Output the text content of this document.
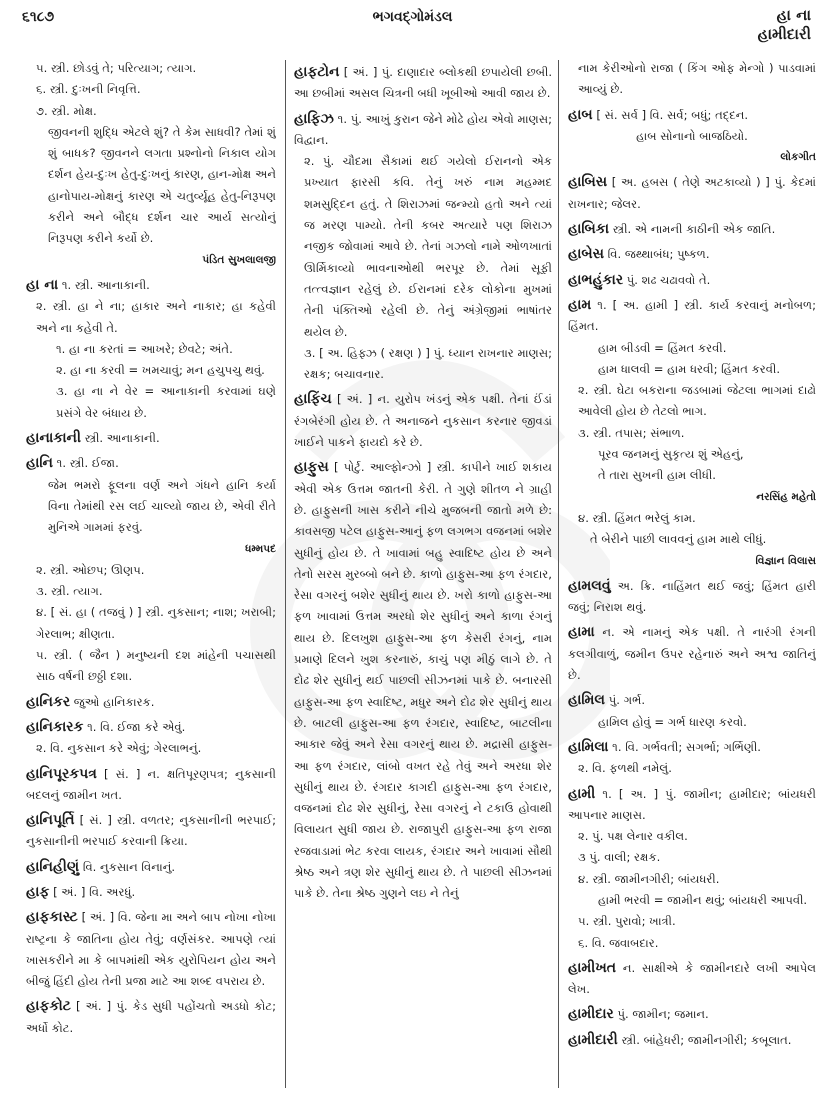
૬૧૮૭	ભગવદ્ગોમંડલ	હા ના
હામીદારી

૫. સ્ત્રી. છોડવું તે; પરિત્યાગ; ત્યાગ.

૬. સ્ત્રી. દુઃખની નિવૃત્તિ.

૭. સ્ત્રી. મોક્ષ.

જીવનની શુદ્ધિ એટલે શું? તે કેમ સાધવી? તેમાં શું શું બાધક? જીવનને લગતા પ્રશ્નોનો નિકાલ યોગ દર્શન હેય-દુઃખ હેતુ-દુઃખનું કારણ, હાન-મોક્ષ અને હાનોપાય-મોક્ષનું કારણ એ ચતુર્વ્યૂહ હેતુ-નિરૂપણ કરીને અને બૌદ્ધ દર્શન ચાર આર્ય સત્યોનું નિરૂપણ કરીને કર્યો છે.

પંડિત સુખલાલજી

હા ના ૧. સ્ત્રી. આનાકાની.

૨. સ્ત્રી. હા ને ના; હાકાર અને નાકાર; હા કહેવી અને ના કહેવી તે.

૧. હા ના કરતાં = આખરે; છેવટે; અંતે.

૨. હા ના કરવી = ખમચાવું; મન હચુપચુ થવું.

૩. હા ના ને વેર = આનાકાની કરવામાં ઘણે પ્રસંગે વેર બંધાય છે.

હાનાકાની સ્ત્રી. આનાકાની.

હાનિ ૧. સ્ત્રી. ઈજા.

જેમ ભમરો ફૂલના વર્ણ અને ગંધને હાનિ કર્યા વિના તેમાંથી રસ લઈ ચાલ્યો જાય છે, એવી રીતે મુનિએ ગામમાં ફરવું.

ધમ્મપદ

૨. સ્ત્રી. ઓછપ; ઊણપ.

૩. સ્ત્રી. ત્યાગ.

૪. [ સં. હા ( તજવું ) ] સ્ત્રી. નુકસાન; નાશ; ખરાબી; ગેરલાભ; ક્ષીણતા.

૫. સ્ત્રી. ( જૈન ) મનુષ્યની દશ માંહેની પચાસથી સાઠ વર્ષની છઠ્ઠી દશા.

હાનિકર જુઓ હાનિકારક.

હાનિકારક ૧. વિ. ઈજા કરે એવું.

૨. વિ. નુકસાન કરે એવું; ગેરલાભનું.

હાનિપૂરકપત્ર [ સં. ] ન. ક્ષતિપૂરણપત્ર; નુકસાની બદલનું જામીન ખત.

હાનિપૂર્તિ [ સં. ] સ્ત્રી. વળતર; નુકસાનીની ભરપાઈ; નુકસાનીની ભરપાઈ કરવાની ક્રિયા.

હાનિહીણું વિ. નુકસાન વિનાનું.

હાફ [ અં. ] વિ. અરધું.

હાફકાસ્ટ [ અં. ] વિ. જેના મા અને બાપ નોખા નોખા રાષ્ટ્રના કે જાતિના હોય તેવું; વર્ણસંકર. આપણે ત્યાં ખાસકરીને મા કે બાપમાંથી એક યુરોપિયન હોય અને બીજું હિંદી હોય તેની પ્રજા માટે આ શબ્દ વપરાય છે.

હાફકોટ [ અં. ] પું. કેડ સુધી પહોંચતો અડધો કોટ; અર્ધો કોટ.

હાફટોન [ અં. ] પું. દાણાદાર બ્લોકથી છપાયેલી છબી. આ છબીમાં અસલ ચિત્રની બધી ખૂબીઓ આવી જાય છે.

હાફિઝ ૧. પું. આખું કુરાન જેને મોઢે હોય એવો માણસ; વિદ્વાન.

૨. પું. ચૌદમા સૈકામાં થઈ ગયેલો ઈરાનનો એક પ્રખ્યાત ફારસી કવિ. તેનું ખરું નામ મહમ્મદ શમસુદ્દિન હતું. તે શિરાઝમાં જન્મ્યો હતો અને ત્યાં જ મરણ પામ્યો. તેની કબર અત્યારે પણ શિરાઝ નજીક જોવામાં આવે છે. તેનાં ગઝલો નામે ઓળખાતાં ઊર્મિકાવ્યો ભાવનાઓથી ભરપૂર છે. તેમાં સૂફી તત્ત્વજ્ઞાન રહેલું છે. ઈરાનમાં દરેક લોકોના મુખમાં તેની પંક્તિઓ રહેલી છે. તેનું અંગ્રેજીમાં ભાષાંતર થયેલ છે.

૩. [ અ. હિફ્ઝ ( રક્ષણ ) ] પું. ધ્યાન રાખનાર માણસ; રક્ષક; બચાવનાર.

હાફિંચ [ અં. ] ન. યુરોપ ખંડનું એક પક્ષી. તેનાં ઈંડાં રંગબેરંગી હોય છે. તે અનાજને નુકસાન કરનાર જીવડાં ખાઈને પાકને ફાયદો કરે છે.

હાફુસ [ પોર્ટુ. આલ્ફોન્ઝો ] સ્ત્રી. કાપીને ખાઈ શકાય એવી એક ઉત્તમ જાતની કેરી. તે ગુણે શીતળ ને ગ્રાહી છે. હાફુસની ખાસ કરીને નીચે મુજબની જાતો મળે છે: કાવસજી પટેલ હાફુસ-આનું ફળ લગભગ વજનમાં બશેર સુધીનું હોય છે. તે ખાવામાં બહુ સ્વાદિષ્ટ હોય છે અને તેનો સરસ મુરબ્બો બને છે. કાળો હાફુસ-આ ફળ રંગદાર, રેસા વગરનું બશેર સુધીનું થાય છે. ખરો કાળો હાફુસ-આ ફળ ખાવામાં ઉત્તમ અરધો શેર સુધીનું અને કાળા રંગનું થાય છે. દિલખુશ હાફુસ-આ ફળ કેસરી રંગનું, નામ પ્રમાણે દિલને ખુશ કરનારું, કાચું પણ મીઠું લાગે છે. તે દોઢ શેર સુધીનું થઈ પાછલી સીઝનમાં પાકે છે. બનારસી હાફુસ-આ ફળ સ્વાદિષ્ટ, મધુર અને દોઢ શેર સુધીનું થાય છે. બાટલી હાફુસ-આ ફળ રંગદાર, સ્વાદિષ્ટ, બાટલીના આકાર જેવું અને રેસા વગરનું થાય છે. મદ્રાસી હાફુસ-આ ફળ રંગદાર, લાંબો વખત રહે તેવું અને અરધા શેર સુધીનું થાય છે. રંગદાર કાગદી હાફુસ-આ ફળ રંગદાર, વજનમાં દોઢ શેર સુધીનું, રેસા વગરનું ને ટકાઉ હોવાથી વિલાયત સુધી જાય છે. રાજાપુરી હાફુસ-આ ફળ રાજા રજવાડામાં ભેટ કરવા લાયક, રંગદાર અને ખાવામાં સૌથી શ્રેષ્ઠ અને ત્રણ શેર સુધીનું થાય છે. તે પાછલી સીઝનમાં પાકે છે. તેના શ્રેષ્ઠ ગુણને લઇ ને તેનું

નામ કેરીઓનો રાજા ( કિંગ ઓફ મેન્ગો ) પાડવામાં આવ્યું છે.

હાબ [ સં. સર્વ ] વિ. સર્વ; બધું; તદ્દન.

હાબ સોનાનો બાજઠિયો.

લોકગીત

હાબિસ [ અ. હબસ ( તેણે અટકાવ્યો ) ] પું. કેદમાં રાખનાર; જેલર.

હાબિકા સ્ત્રી. એ નામની કાઠીની એક જાતિ.

હાબેસ વિ. જથ્થાબંધ; પુષ્કળ.

હાભહુંકાર પું. શઢ ચઢાવવો તે.

હામ ૧. [ અ. હામી ] સ્ત્રી. કાર્ય કરવાનું મનોબળ; હિંમત.

હામ બીડવી = હિંમત કરવી.

હામ ધાલવી = હામ ધરવી; હિંમત કરવી.

૨. સ્ત્રી. ઘેટા બકરાના જડબામાં જેટલા ભાગમાં દાઢો આવેલી હોય છે તેટલો ભાગ.

૩. સ્ત્રી. તપાસ; સંભાળ.

પૂરવ જનમનું સુકૃત્ય શું એહનું,

તે તારા સુખની હામ લીધી.

નરસિંહ મહેતો

૪. સ્ત્રી. હિંમત ભરેલું કામ.

તે બેરીને પાછી લાવવનું હામ માથે લીધું.

વિજ્ઞાન વિલાસ

હામલવું અ. ક્રિ. નાહિંમત થઈ જવું; હિંમત હારી જવું; નિરાશ થવું.

હામા ન. એ નામનું એક પક્ષી. તે નારંગી રંગની કલગીવાળું, જમીન ઉપર રહેનારું અને અશ્વ જાતિનું છે.

હામિલ પું. ગર્ભ.

હામિલ હોવું = ગર્ભ ધારણ કરવો.

હામિલા ૧. વિ. ગર્ભવતી; સગર્ભા; ગર્ભિણી.

૨. વિ. ફળથી નમેલું.

હામી ૧. [ અ. ] પું. જામીન; હામીદાર; બાંયધરી આપનાર માણસ.

૨. પું. પક્ષ લેનાર વકીલ.

૩ પું. વાલી; રક્ષક.

૪. સ્ત્રી. જામીનગીરી; બાંયધરી.

હામી ભરવી = જામીન થવું; બાંયધરી આપવી.

૫. સ્ત્રી. પુરાવો; ખાત્રી.

૬. વિ. જવાબદાર.

હામીખત ન. સાક્ષીએ કે જામીનદારે લખી આપેલ લેખ.

હામીદાર પું. જામીન; જમાન.

હામીદારી સ્ત્રી. બાંહેધરી; જામીનગીરી; કબૂલાત.
